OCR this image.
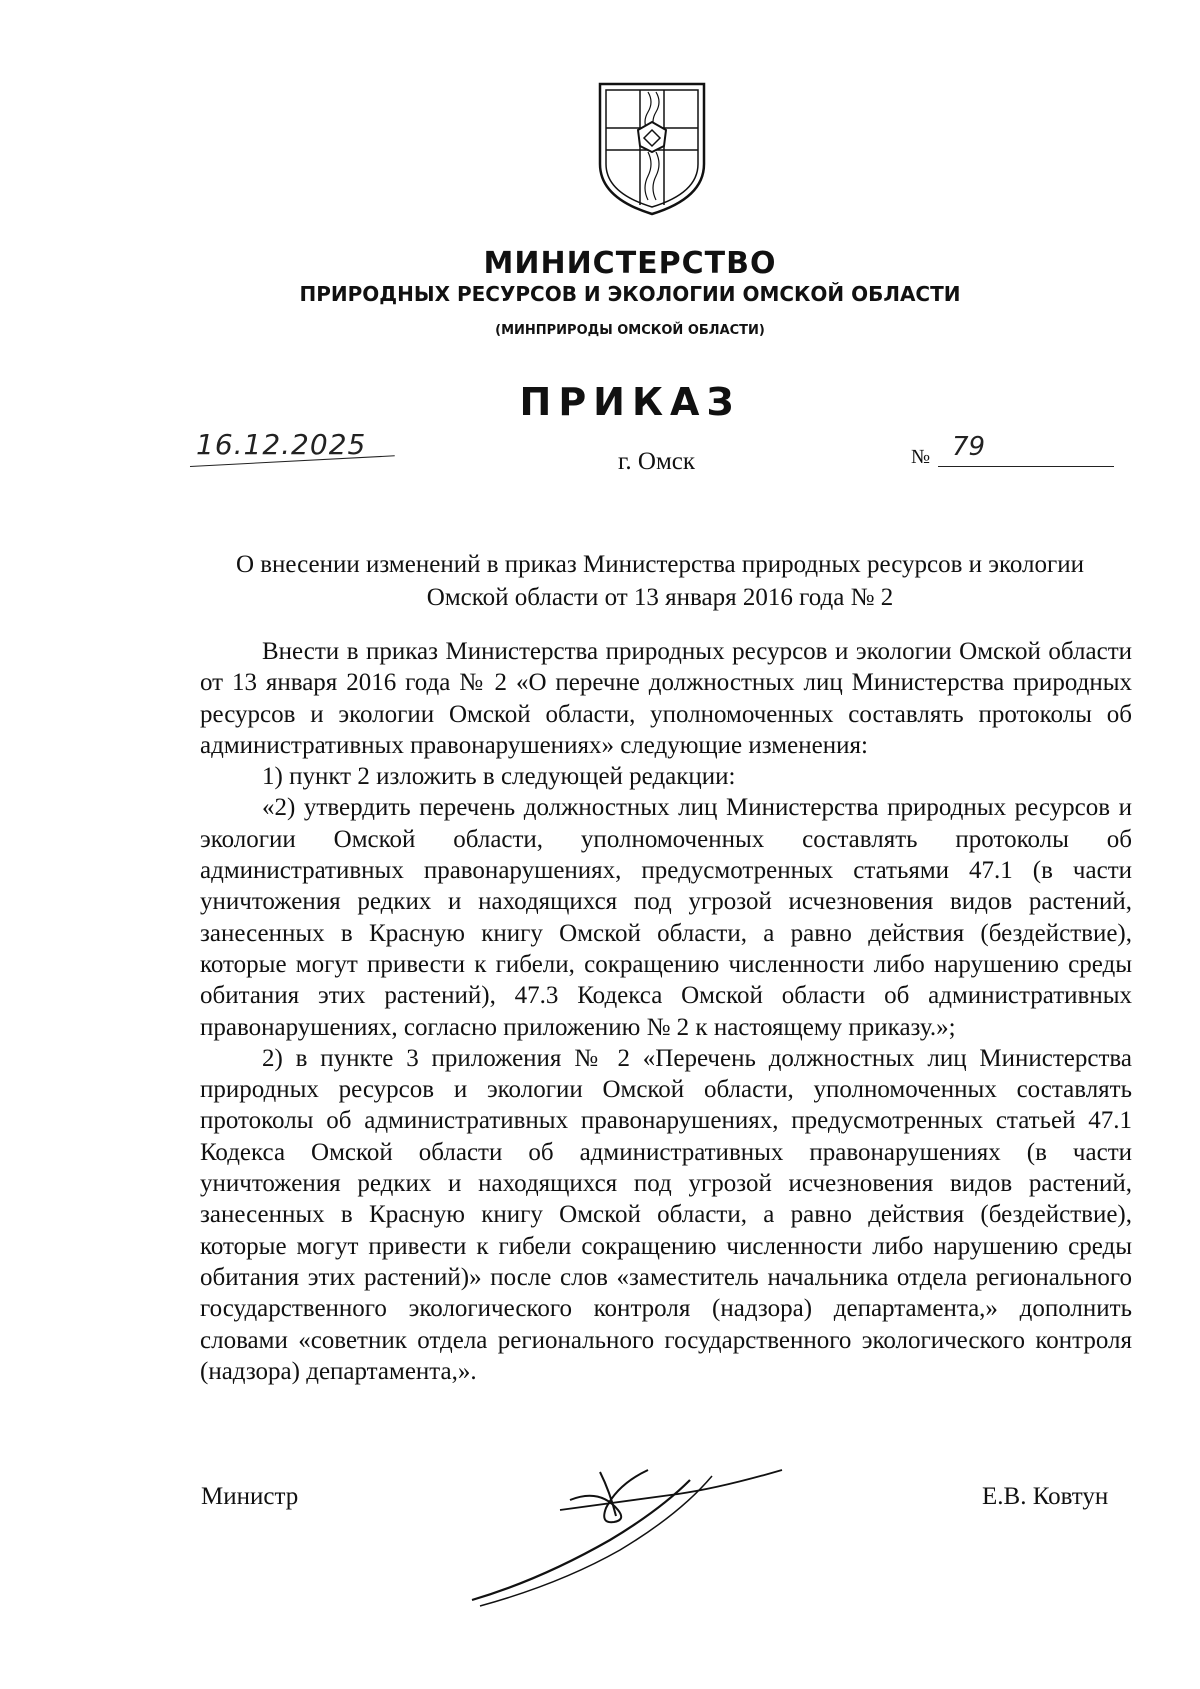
МИНИСТЕРСТВО
ПРИРОДНЫХ РЕСУРСОВ И ЭКОЛОГИИ ОМСКОЙ ОБЛАСТИ
(МИНПРИРОДЫ ОМСКОЙ ОБЛАСТИ)
ПРИКАЗ
16.12.2025
г. Омск	№ 79
О внесении изменений в приказ Министерства природных ресурсов и экологии
Омской области от 13 января 2016 года № 2

Внести в приказ Министерства природных ресурсов и экологии Омской области от 13 января 2016 года № 2 «О перечне должностных лиц Министерства природных ресурсов и экологии Омской области, уполномоченных составлять протоколы об административных правонарушениях» следующие изменения:

1) пункт 2 изложить в следующей редакции:

«2) утвердить перечень должностных лиц Министерства природных ресурсов и экологии Омской области, уполномоченных составлять протоколы об административных правонарушениях, предусмотренных статьями 47.1 (в части уничтожения редких и находящихся под угрозой исчезновения видов растений, занесенных в Красную книгу Омской области, а равно действия (бездействие), которые могут привести к гибели, сокращению численности либо нарушению среды обитания этих растений), 47.3 Кодекса Омской области об административных правонарушениях, согласно приложению № 2 к настоящему приказу.»;

2) в пункте 3 приложения № 2 «Перечень должностных лиц Министерства природных ресурсов и экологии Омской области, уполномоченных составлять протоколы об административных правонарушениях, предусмотренных статьей 47.1 Кодекса Омской области об административных правонарушениях (в части уничтожения редких и находящихся под угрозой исчезновения видов растений, занесенных в Красную книгу Омской области, а равно действия (бездействие), которые могут привести к гибели сокращению численности либо нарушению среды обитания этих растений)» после слов «заместитель начальника отдела регионального государственного экологического контроля (надзора) департамента,» дополнить словами «советник отдела регионального государственного экологического контроля (надзора) департамента,».

Министр	Е.В. Ковтун
